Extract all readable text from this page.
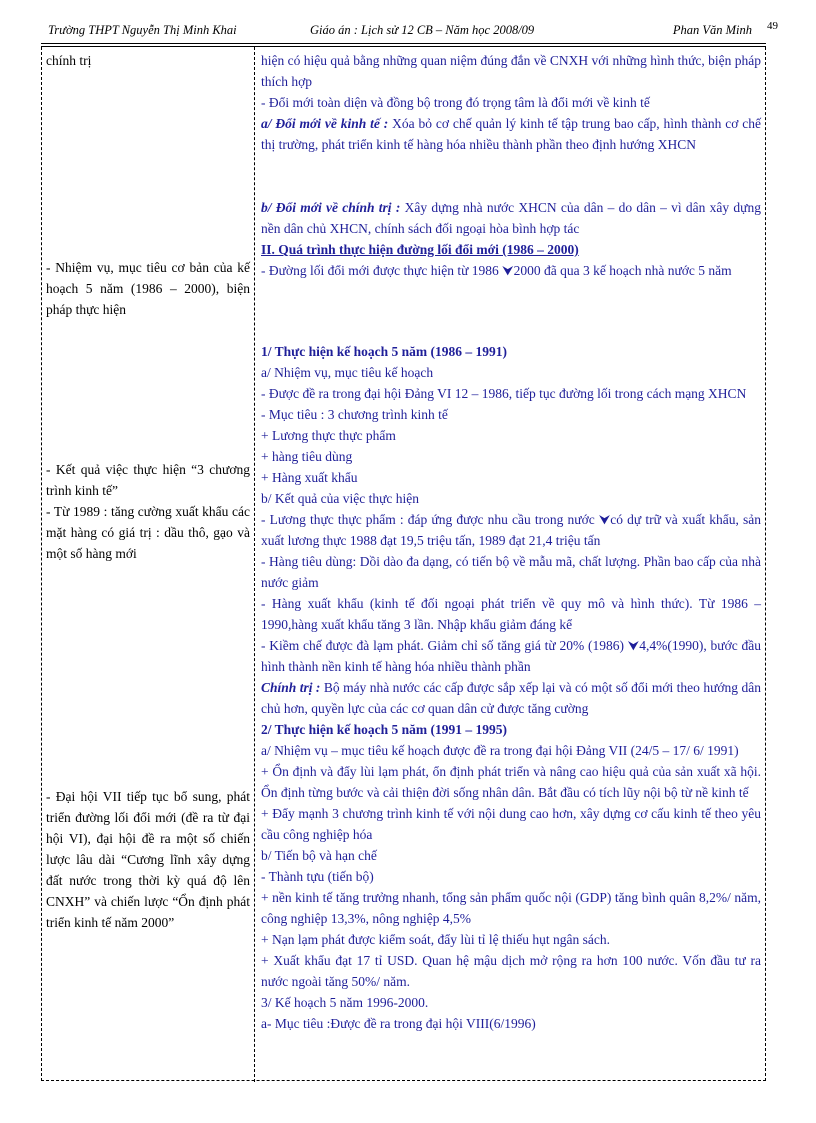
Trường THPT Nguyễn Thị Minh Khai	Giáo án : Lịch sử 12 CB – Năm học 2008/09	Phan Văn Minh 49

chính trị

- Nhiệm vụ, mục tiêu cơ bản của kế hoạch 5 năm (1986 – 2000), biện pháp thực hiện

- Kết quả việc thực hiện “3 chương trình kinh tế”

- Từ 1989 : tăng cường xuất khẩu các mặt hàng có giá trị : dầu thô, gạo và một số hàng mới

- Đại hội VII tiếp tục bổ sung, phát triển đường lối đổi mới (đề ra từ đại hội VI), đại hội đề ra một số chiến lược lâu dài “Cương lĩnh xây dựng đất nước trong thời kỳ quá độ lên CNXH” và chiến lược “Ổn định phát triển kinh tế năm 2000”

hiện có hiệu quả bằng những quan niệm đúng đắn về CNXH với những hình thức, biện pháp thích hợp

- Đổi mới toàn diện và đồng bộ trong đó trọng tâm là đổi mới về kinh tế

a/ Đổi mới về kinh tế : Xóa bỏ cơ chế quản lý kinh tế tập trung bao cấp, hình thành cơ chế thị trường, phát triển kinh tế hàng hóa nhiều thành phần theo định hướng XHCN

b/ Đổi mới về chính trị : Xây dựng nhà nước XHCN của dân – do dân – vì dân xây dựng nền dân chủ XHCN, chính sách đối ngoại hòa bình hợp tác

II. Quá trình thực hiện đường lối đổi mới (1986 – 2000)

- Đường lối đổi mới được thực hiện từ 1986 ⮟2000 đã qua 3 kế hoạch nhà nước 5 năm

1/ Thực hiện kế hoạch 5 năm (1986 – 1991)

a/ Nhiệm vụ, mục tiêu kế hoạch

- Được đề ra trong đại hội Đảng VI 12 – 1986, tiếp tục đường lối trong cách mạng XHCN

- Mục tiêu : 3 chương trình kinh tế

+ Lương thực thực phẩm

+ hàng tiêu dùng

+ Hàng xuất khẩu

b/ Kết quả của việc thực hiện

- Lương thực thực phẩm : đáp ứng được nhu cầu trong nước ⮟có dự trữ và xuất khẩu, sản xuất lương thực 1988 đạt 19,5 triệu tấn, 1989 đạt 21,4 triệu tấn

- Hàng tiêu dùng: Dồi dào đa dạng, có tiến bộ về mẫu mã, chất lượng. Phần bao cấp của nhà nước giảm

- Hàng xuất khẩu (kinh tế đối ngoại phát triển về quy mô và hình thức). Từ 1986 – 1990,hàng xuất khẩu tăng 3 lần. Nhập khẩu giảm đáng kể

- Kiềm chế được đà lạm phát. Giảm chỉ số tăng giá từ 20% (1986) ⮟4,4%(1990), bước đầu hình thành nền kinh tế hàng hóa nhiều thành phần

Chính trị : Bộ máy nhà nước các cấp được sắp xếp lại và có một số đổi mới theo hướng dân chủ hơn, quyền lực của các cơ quan dân cử được tăng cường

2/ Thực hiện kế hoạch 5 năm (1991 – 1995)

a/ Nhiệm vụ – mục tiêu kế hoạch được đề ra trong đại hội Đảng VII (24/5 – 17/ 6/ 1991)

+ Ổn định và đẩy lùi lạm phát, ổn định phát triển và nâng cao hiệu quả của sản xuất xã hội. Ổn định từng bước và cải thiện đời sống nhân dân. Bắt đầu có tích lũy nội bộ từ nề kinh tế

+ Đẩy mạnh 3 chương trình kinh tế với nội dung cao hơn, xây dựng cơ cấu kinh tế theo yêu cầu công nghiệp hóa

b/ Tiến bộ và hạn chế

- Thành tựu (tiến bộ)

+ nền kinh tế tăng trưởng nhanh, tổng sản phẩm quốc nội (GDP) tăng bình quân 8,2%/ năm, công nghiệp 13,3%, nông nghiệp 4,5%

+ Nạn lạm phát được kiểm soát, đẩy lùi tỉ lệ thiếu hụt ngân sách.

+ Xuất khẩu đạt 17 tỉ USD. Quan hệ mậu dịch mở rộng ra hơn 100 nước. Vốn đầu tư ra nước ngoài tăng 50%/ năm.

3/ Kế hoạch 5 năm 1996-2000.

a- Mục tiêu :Được đề ra trong đại hội VIII(6/1996)
